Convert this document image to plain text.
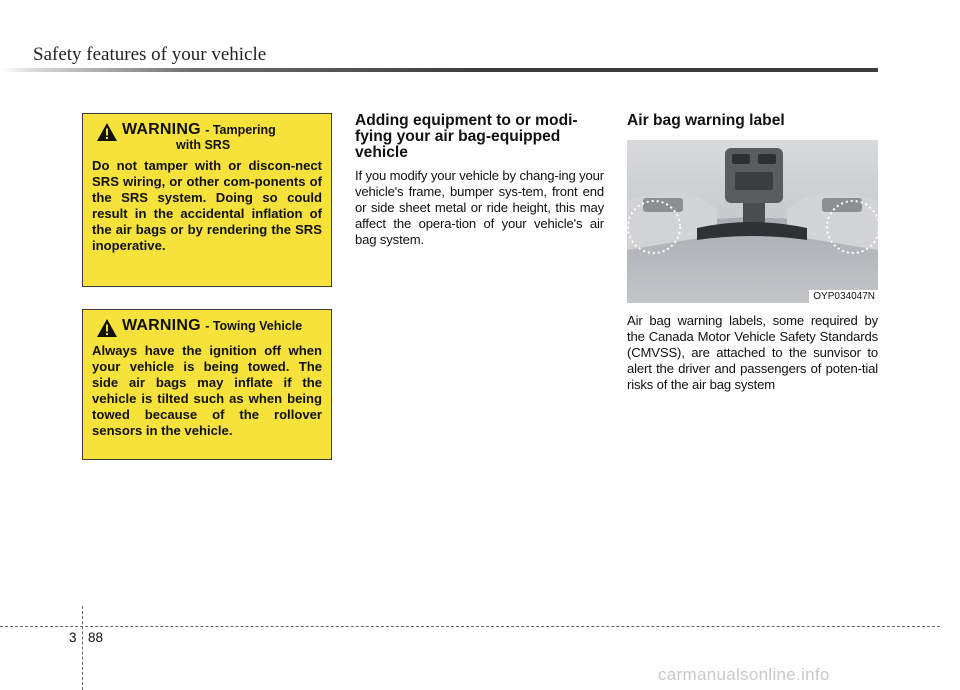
Safety features of your vehicle
WARNING - Tampering
with SRS

Do not tamper with or discon-nect SRS wiring, or other com-ponents of the SRS system. Doing so could result in the accidental inflation of the air bags or by rendering the SRS inoperative.

WARNING - Towing Vehicle

Always have the ignition off when your vehicle is being towed. The side air bags may inflate if the vehicle is tilted such as when being towed because of the rollover sensors in the vehicle.

Adding equipment to or modi-fying your air bag-equipped vehicle

If you modify your vehicle by chang-ing your vehicle's frame, bumper sys-tem, front end or side sheet metal or ride height, this may affect the opera-tion of your vehicle's air bag system.

Air bag warning label
OYP034047N

Air bag warning labels, some required by the Canada Motor Vehicle Safety Standards (CMVSS), are attached to the sunvisor to alert the driver and passengers of poten-tial risks of the air bag system

3 88
carmanualsonline.info
